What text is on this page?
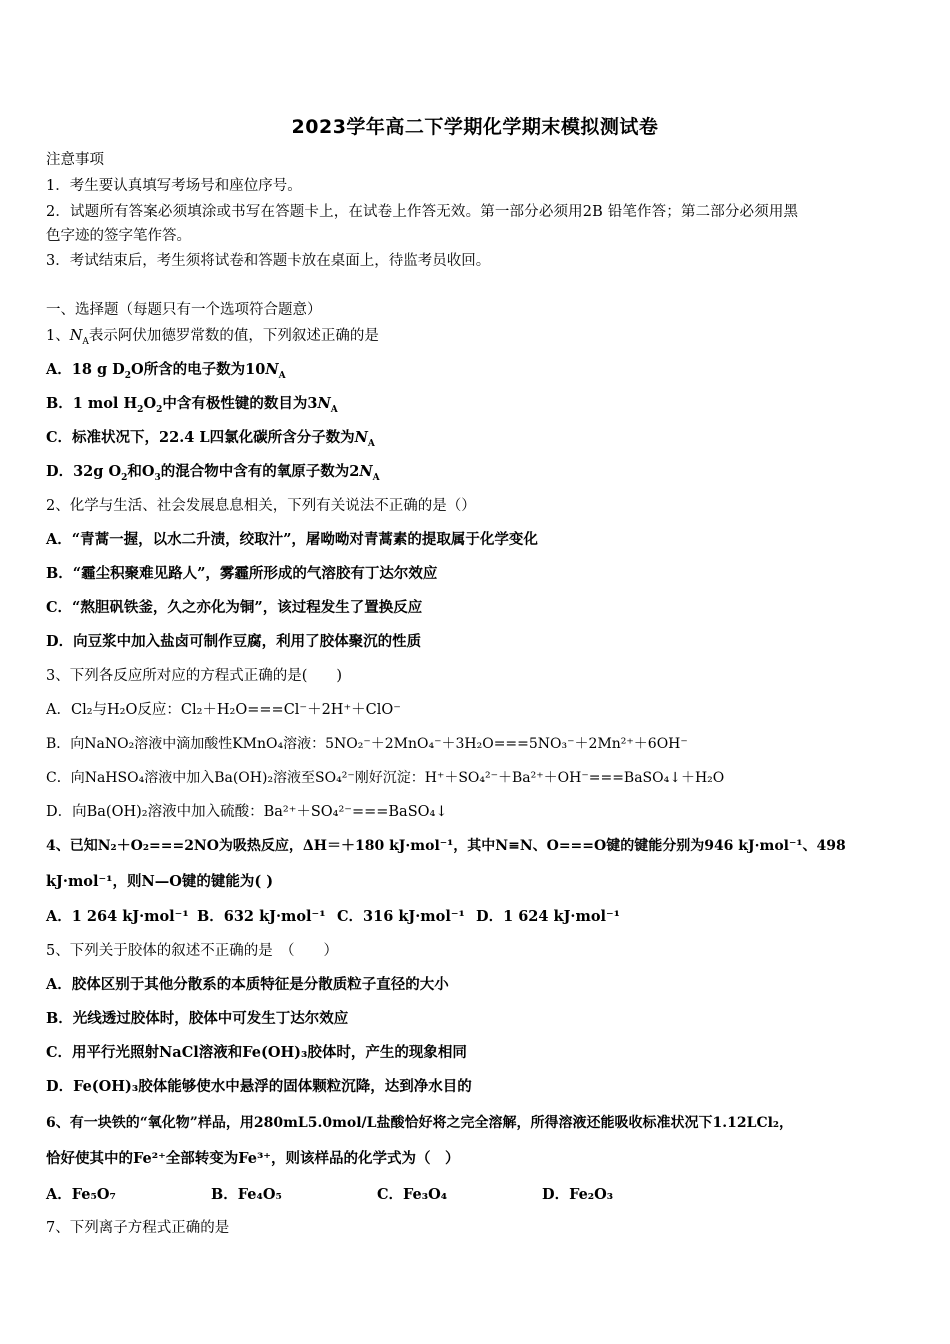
2023学年高二下学期化学期末模拟测试卷
注意事项
1．考生要认真填写考场号和座位序号。
2．试题所有答案必须填涂或书写在答题卡上，在试卷上作答无效。第一部分必须用2B 铅笔作答；第二部分必须用黑
色字迹的签字笔作答。
3．考试结束后，考生须将试卷和答题卡放在桌面上，待监考员收回。
一、选择题（每题只有一个选项符合题意）
1、$N_A$表示阿伏加德罗常数的值，下列叙述正确的是
A．18 g $D_2O$所含的电子数为$10N_A$
B．1 mol $H_2O_2$中含有极性键的数目为$3N_A$
C．标准状况下，22.4 L四氯化碳所含分子数为$N_A$
D．32g $O_2$和$O_3$的混合物中含有的氧原子数为$2N_A$
2、化学与生活、社会发展息息相关，下列有关说法不正确的是（）
A．“青蒿一握，以水二升渍，绞取汁”，屠呦呦对青蒿素的提取属于化学变化
B．“霾尘积聚难见路人”，雾霾所形成的气溶胶有丁达尔效应
C．“熬胆矾铁釜，久之亦化为铜”，该过程发生了置换反应
D．向豆浆中加入盐卤可制作豆腐，利用了胶体聚沉的性质
3、下列各反应所对应的方程式正确的是(　　)
A．Cl₂与H₂O反应：Cl₂＋H₂O===Cl⁻＋2H⁺＋ClO⁻
B．向NaNO₂溶液中滴加酸性KMnO₄溶液：5NO₂⁻＋2MnO₄⁻＋3H₂O===5NO₃⁻＋2Mn²⁺＋6OH⁻
C．向NaHSO₄溶液中加入Ba(OH)₂溶液至SO₄²⁻刚好沉淀：H⁺＋SO₄²⁻＋Ba²⁺＋OH⁻===BaSO₄↓＋H₂O
D．向Ba(OH)₂溶液中加入硫酸：Ba²⁺＋SO₄²⁻===BaSO₄↓
4、已知N₂＋O₂===2NO为吸热反应，ΔH＝＋180 kJ·mol⁻¹，其中N≡N、O===O键的键能分别为946 kJ·mol⁻¹、498
kJ·mol⁻¹，则N—O键的键能为( )
A．1 264 kJ·mol⁻¹ B．632 kJ·mol⁻¹ C．316 kJ·mol⁻¹ D．1 624 kJ·mol⁻¹
5、下列关于胶体的叙述不正确的是　（　　）
A．胶体区别于其他分散系的本质特征是分散质粒子直径的大小
B．光线透过胶体时，胶体中可发生丁达尔效应
C．用平行光照射NaCl溶液和Fe(OH)₃胶体时，产生的现象相同
D．Fe(OH)₃胶体能够使水中悬浮的固体颗粒沉降，达到净水目的
6、有一块铁的“氧化物”样品，用280mL5.0mol/L盐酸恰好将之完全溶解，所得溶液还能吸收标准状况下1.12LCl₂，
恰好使其中的Fe²⁺全部转变为Fe³⁺，则该样品的化学式为（　）
A．Fe₅O₇	B．Fe₄O₅	C．Fe₃O₄	D．Fe₂O₃
7、下列离子方程式正确的是
